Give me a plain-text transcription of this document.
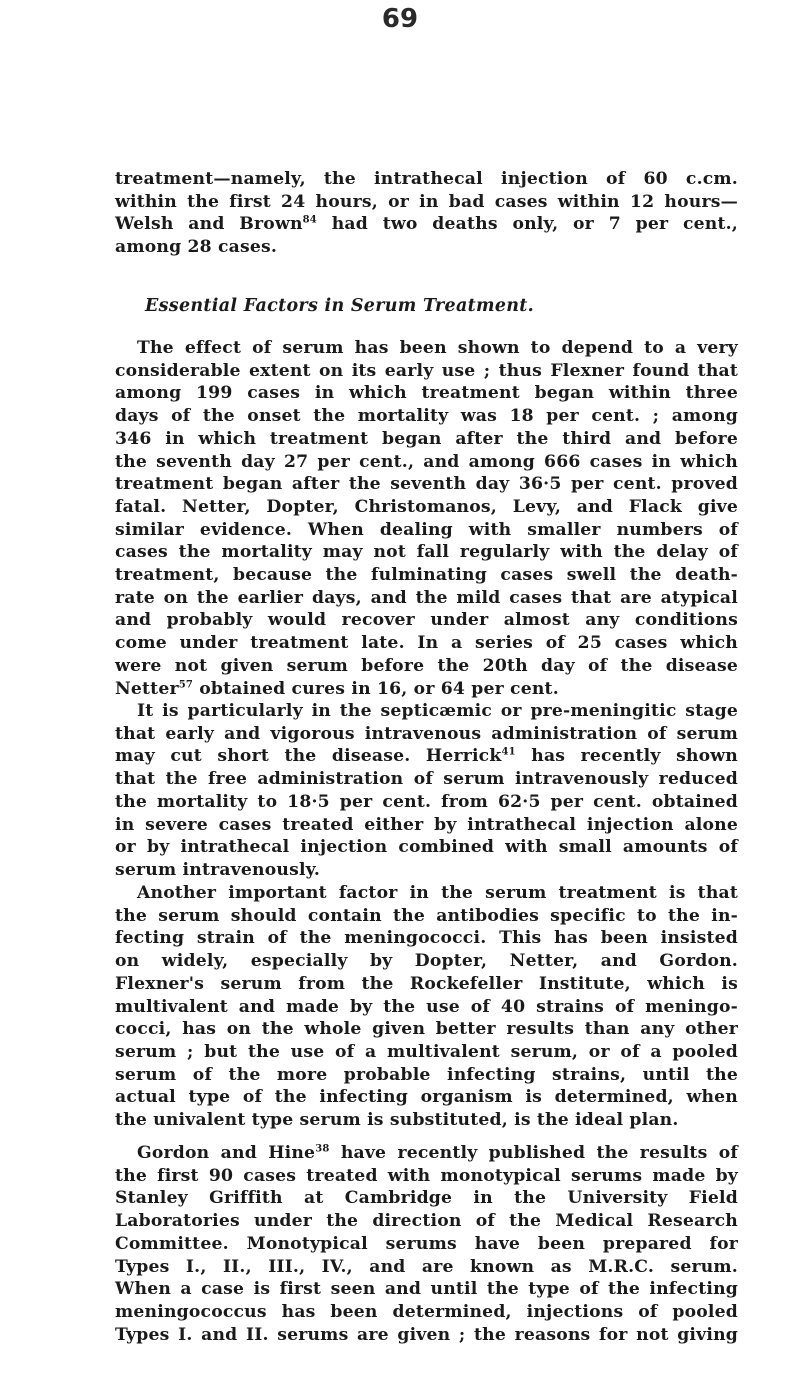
69
treatment—namely, the intrathecal injection of 60 c.cm.
within the first 24 hours, or in bad cases within 12 hours—
Welsh and Brown$^{84}$ had two deaths only, or 7 per cent.,
among 28 cases.
Essential Factors in Serum Treatment.
The effect of serum has been shown to depend to a very
considerable extent on its early use ; thus Flexner found that
among 199 cases in which treatment began within three
days of the onset the mortality was 18 per cent. ; among
346 in which treatment began after the third and before
the seventh day 27 per cent., and among 666 cases in which
treatment began after the seventh day 36·5 per cent. proved
fatal. Netter, Dopter, Christomanos, Levy, and Flack give
similar evidence. When dealing with smaller numbers of
cases the mortality may not fall regularly with the delay of
treatment, because the fulminating cases swell the death-
rate on the earlier days, and the mild cases that are atypical
and probably would recover under almost any conditions
come under treatment late. In a series of 25 cases which
were not given serum before the 20th day of the disease
Netter$^{57}$ obtained cures in 16, or 64 per cent.
It is particularly in the septicæmic or pre-meningitic stage
that early and vigorous intravenous administration of serum
may cut short the disease. Herrick$^{41}$ has recently shown
that the free administration of serum intravenously reduced
the mortality to 18·5 per cent. from 62·5 per cent. obtained
in severe cases treated either by intrathecal injection alone
or by intrathecal injection combined with small amounts of
serum intravenously.
Another important factor in the serum treatment is that
the serum should contain the antibodies specific to the in-
fecting strain of the meningococci. This has been insisted
on widely, especially by Dopter, Netter, and Gordon.
Flexner's serum from the Rockefeller Institute, which is
multivalent and made by the use of 40 strains of meningo-
cocci, has on the whole given better results than any other
serum ; but the use of a multivalent serum, or of a pooled
serum of the more probable infecting strains, until the
actual type of the infecting organism is determined, when
the univalent type serum is substituted, is the ideal plan.
Gordon and Hine$^{38}$ have recently published the results of
the first 90 cases treated with monotypical serums made by
Stanley Griffith at Cambridge in the University Field
Laboratories under the direction of the Medical Research
Committee. Monotypical serums have been prepared for
Types I., II., III., IV., and are known as M.R.C. serum.
When a case is first seen and until the type of the infecting
meningococcus has been determined, injections of pooled
Types I. and II. serums are given ; the reasons for not giving
